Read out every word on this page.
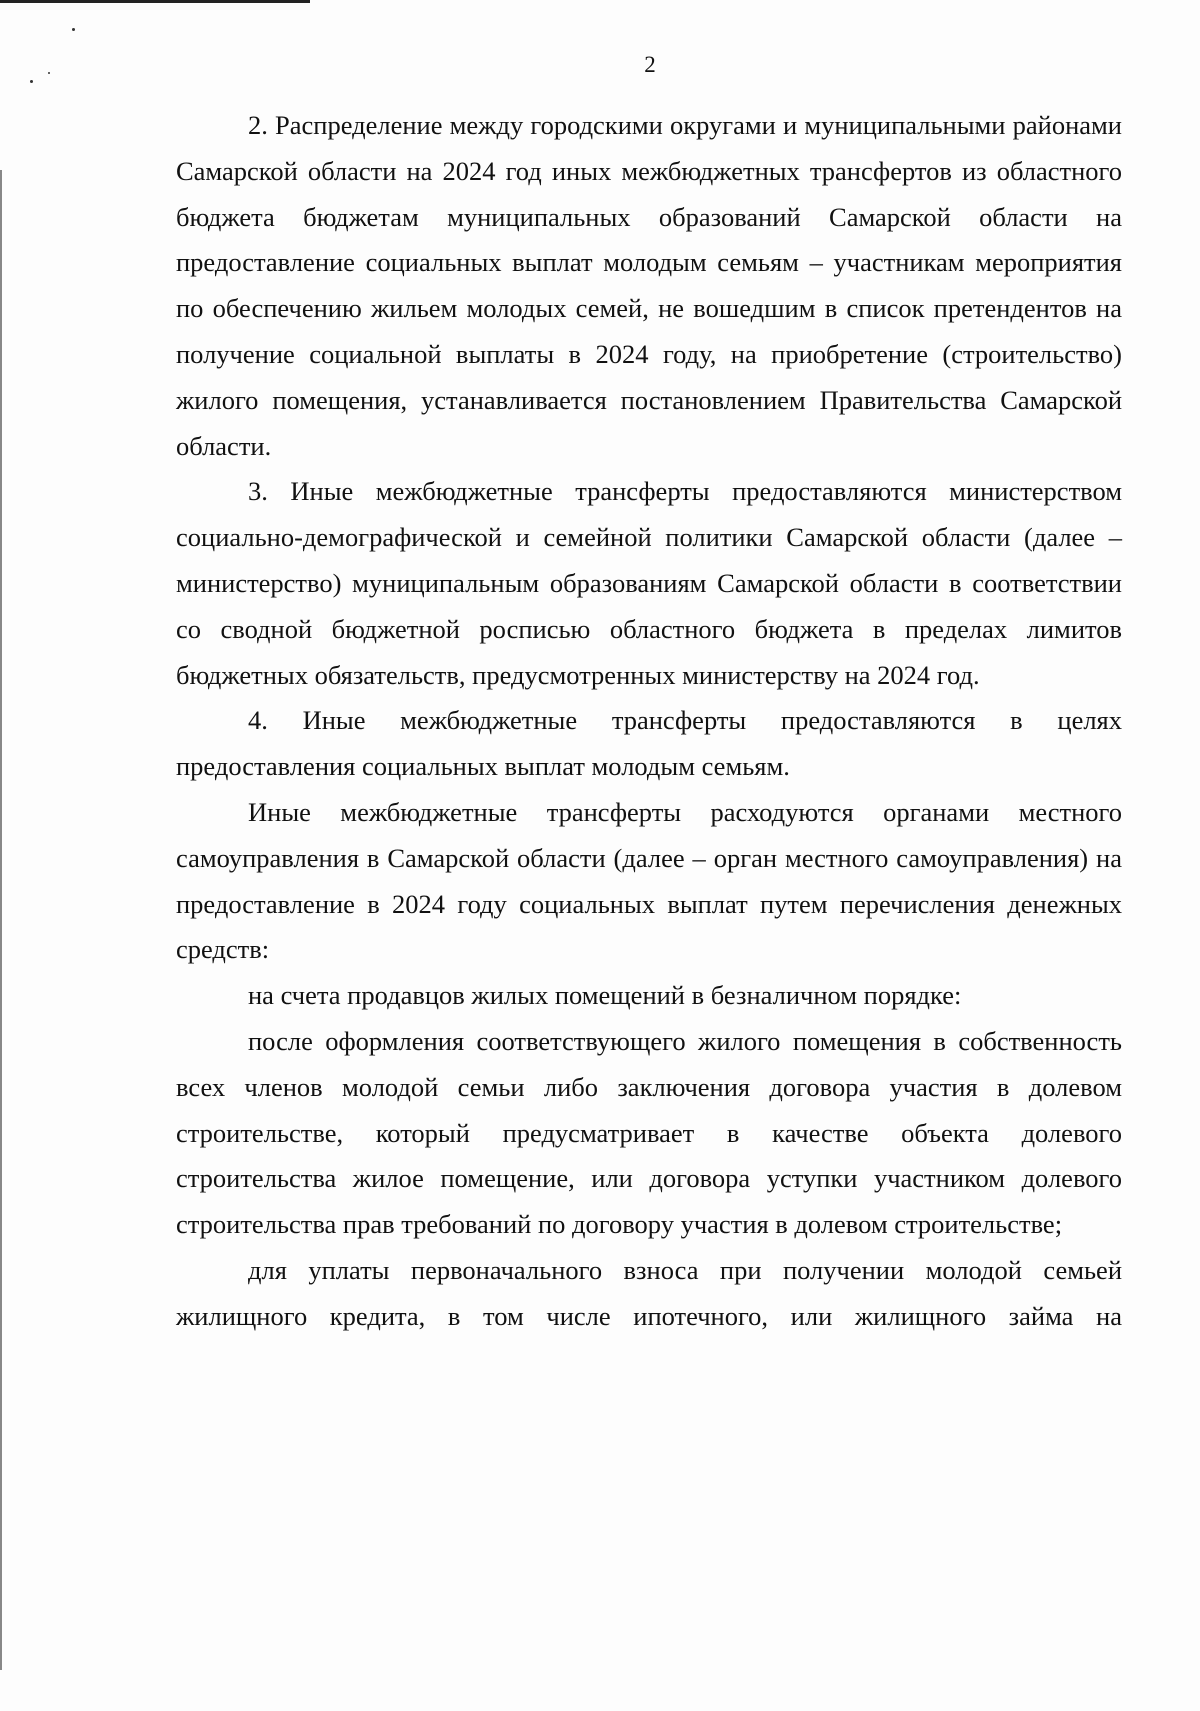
2

2. Распределение между городскими округами и муниципальными районами Самарской области на 2024 год иных межбюджетных трансфертов из областного бюджета бюджетам муниципальных образований Самарской области на предоставление социальных выплат молодым семьям – участникам мероприятия по обеспечению жильем молодых семей, не вошедшим в список претендентов на получение социальной выплаты в 2024 году, на приобретение (строительство) жилого помещения, устанавливается постановлением Правительства Самарской области.

3. Иные межбюджетные трансферты предоставляются министерством социально-демографической и семейной политики Самарской области (далее – министерство) муниципальным образованиям Самарской области в соответствии со сводной бюджетной росписью областного бюджета в пределах лимитов бюджетных обязательств, предусмотренных министерству на 2024 год.

4. Иные межбюджетные трансферты предоставляются в целях предоставления социальных выплат молодым семьям.

Иные межбюджетные трансферты расходуются органами местного самоуправления в Самарской области (далее – орган местного самоуправления) на предоставление в 2024 году социальных выплат путем перечисления денежных средств:

на счета продавцов жилых помещений в безналичном порядке:

после оформления соответствующего жилого помещения в собственность всех членов молодой семьи либо заключения договора участия в долевом строительстве, который предусматривает в качестве объекта долевого строительства жилое помещение, или договора уступки участником долевого строительства прав требований по договору участия в долевом строительстве;

для уплаты первоначального взноса при получении молодой семьей жилищного кредита, в том числе ипотечного, или жилищного займа на
